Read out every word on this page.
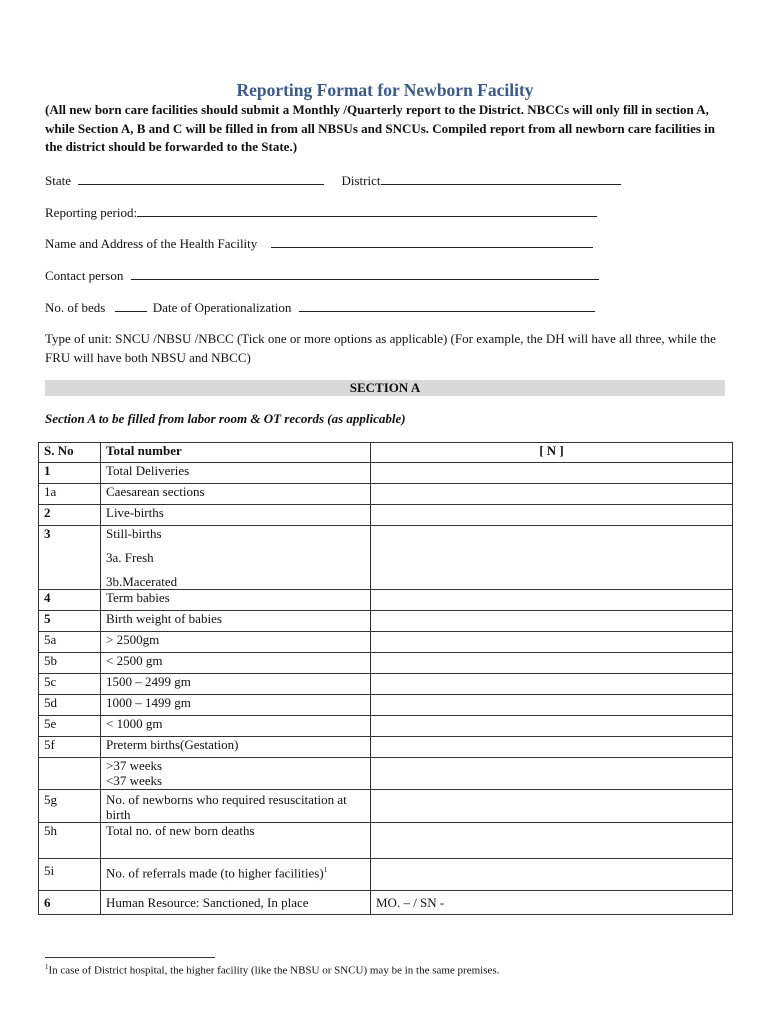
Reporting Format for Newborn Facility
(All new born care facilities should submit a Monthly /Quarterly report to the District. NBCCs will only fill in section A, while Section A, B and C will be filled in from all NBSUs and SNCUs. Compiled report from all newborn care facilities in the district should be forwarded to the State.)
State	District
Reporting period:
Name and Address of the Health Facility
Contact person
No. of beds	Date of Operationalization
Type of unit: SNCU /NBSU /NBCC (Tick one or more options as applicable) (For example, the DH will have all three, while the FRU will have both NBSU and NBCC)
SECTION A
Section A to be filled from labor room & OT records (as applicable)
S. No	Total number	[ N ]
1	Total Deliveries	
1a	Caesarean sections	
2	Live-births	
3	Still-births
3a. Fresh
3b.Macerated	

4	Term babies	
5	Birth weight of babies	
5a	> 2500gm	
5b	< 2500 gm	
5c	1500 – 2499 gm	
5d	1000 – 1499 gm	
5e	< 1000 gm	
5f	Preterm births(Gestation)	

	>37 weeks
<37 weeks	

5g	No. of newborns who required resuscitation at birth	
5h	Total no. of new born deaths	
5i	No. of referrals made (to higher facilities)$^1$	
6	Human Resource: Sanctioned, In place	MO. – / SN -
$^1$In case of District hospital, the higher facility (like the NBSU or SNCU) may be in the same premises.
